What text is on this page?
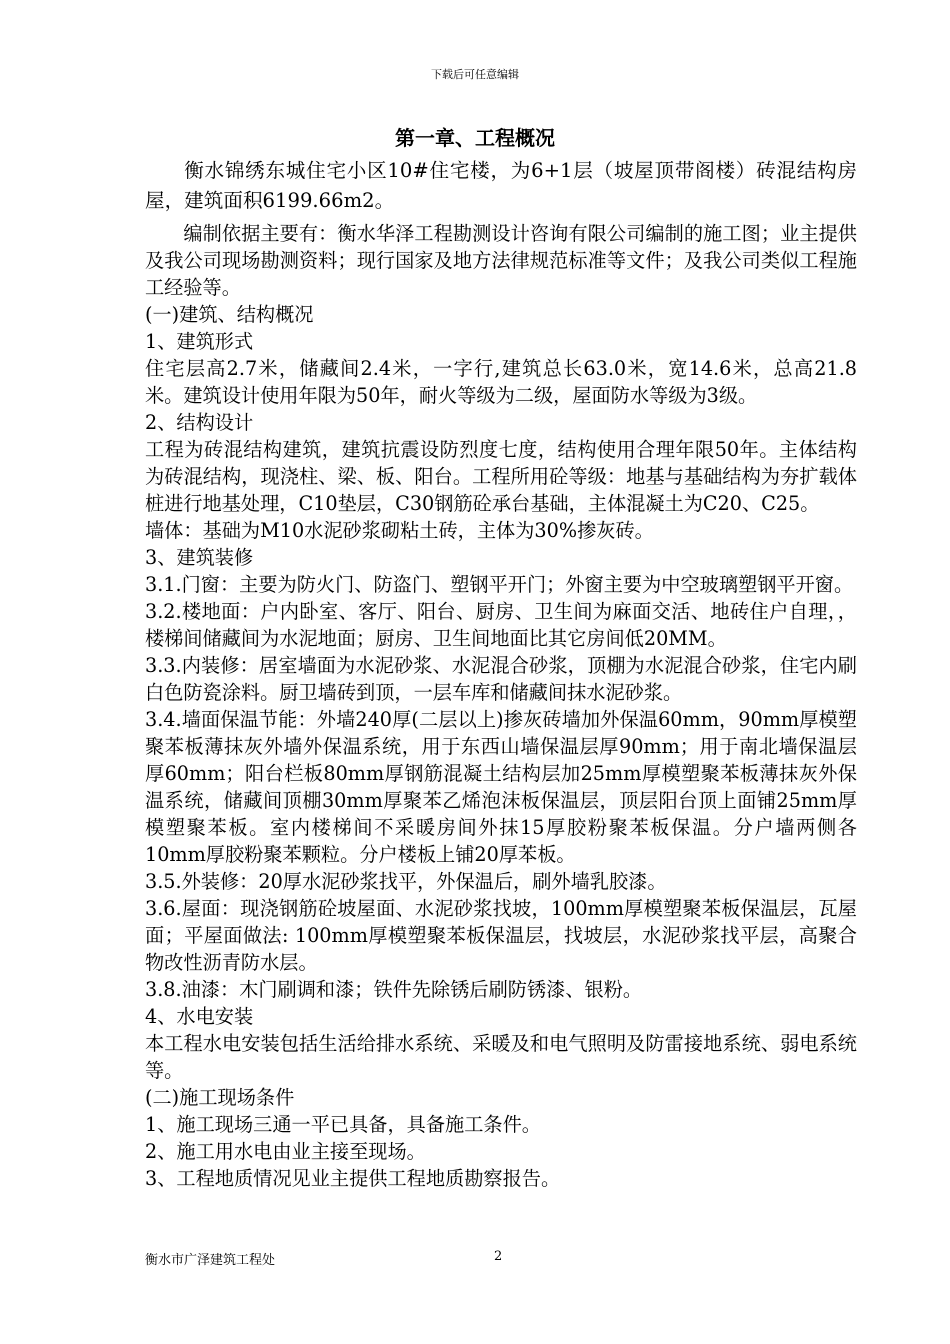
下载后可任意编辑
第一章、工程概况

衡水锦绣东城住宅小区10#住宅楼，为6+1层（坡屋顶带阁楼）砖混结构房屋，建筑面积6199.66m2。

编制依据主要有：衡水华泽工程勘测设计咨询有限公司编制的施工图；业主提供及我公司现场勘测资料；现行国家及地方法律规范标准等文件；及我公司类似工程施工经验等。

(一)建筑、结构概况

1、建筑形式

住宅层高2.7米，储藏间2.4米，一字行,建筑总长63.0米，宽14.6米，总高21.8米。建筑设计使用年限为50年，耐火等级为二级，屋面防水等级为3级。

2、结构设计

工程为砖混结构建筑，建筑抗震设防烈度七度，结构使用合理年限50年。主体结构为砖混结构，现浇柱、梁、板、阳台。工程所用砼等级：地基与基础结构为夯扩载体桩进行地基处理，C10垫层，C30钢筋砼承台基础，主体混凝土为C20、C25。

墙体：基础为M10水泥砂浆砌粘土砖，主体为30%掺灰砖。

3、建筑装修

3.1.门窗：主要为防火门、防盗门、塑钢平开门；外窗主要为中空玻璃塑钢平开窗。

3.2.楼地面：户内卧室、客厅、阳台、厨房、卫生间为麻面交活、地砖住户自理，，楼梯间储藏间为水泥地面；厨房、卫生间地面比其它房间低20MM。

3.3.内装修：居室墙面为水泥砂浆、水泥混合砂浆，顶棚为水泥混合砂浆，住宅内刷白色防瓷涂料。厨卫墙砖到顶，一层车库和储藏间抹水泥砂浆。

3.4.墙面保温节能：外墙240厚(二层以上)掺灰砖墙加外保温60mm，90mm厚模塑聚苯板薄抹灰外墙外保温系统，用于东西山墙保温层厚90mm；用于南北墙保温层厚60mm；阳台栏板80mm厚钢筋混凝土结构层加25mm厚模塑聚苯板薄抹灰外保温系统，储藏间顶棚30mm厚聚苯乙烯泡沫板保温层，顶层阳台顶上面铺25mm厚模塑聚苯板。室内楼梯间不采暖房间外抹15厚胶粉聚苯板保温。分户墙两侧各10mm厚胶粉聚苯颗粒。分户楼板上铺20厚苯板。

3.5.外装修：20厚水泥砂浆找平，外保温后，刷外墙乳胶漆。

3.6.屋面：现浇钢筋砼坡屋面、水泥砂浆找坡，100mm厚模塑聚苯板保温层，瓦屋面；平屋面做法: 100mm厚模塑聚苯板保温层，找坡层，水泥砂浆找平层，高聚合物改性沥青防水层。

3.8.油漆：木门刷调和漆；铁件先除锈后刷防锈漆、银粉。

4、水电安装

本工程水电安装包括生活给排水系统、采暖及和电气照明及防雷接地系统、弱电系统等。

(二)施工现场条件

1、施工现场三通一平已具备，具备施工条件。

2、施工用水电由业主接至现场。

3、工程地质情况见业主提供工程地质勘察报告。

衡水市广泽建筑工程处	2
